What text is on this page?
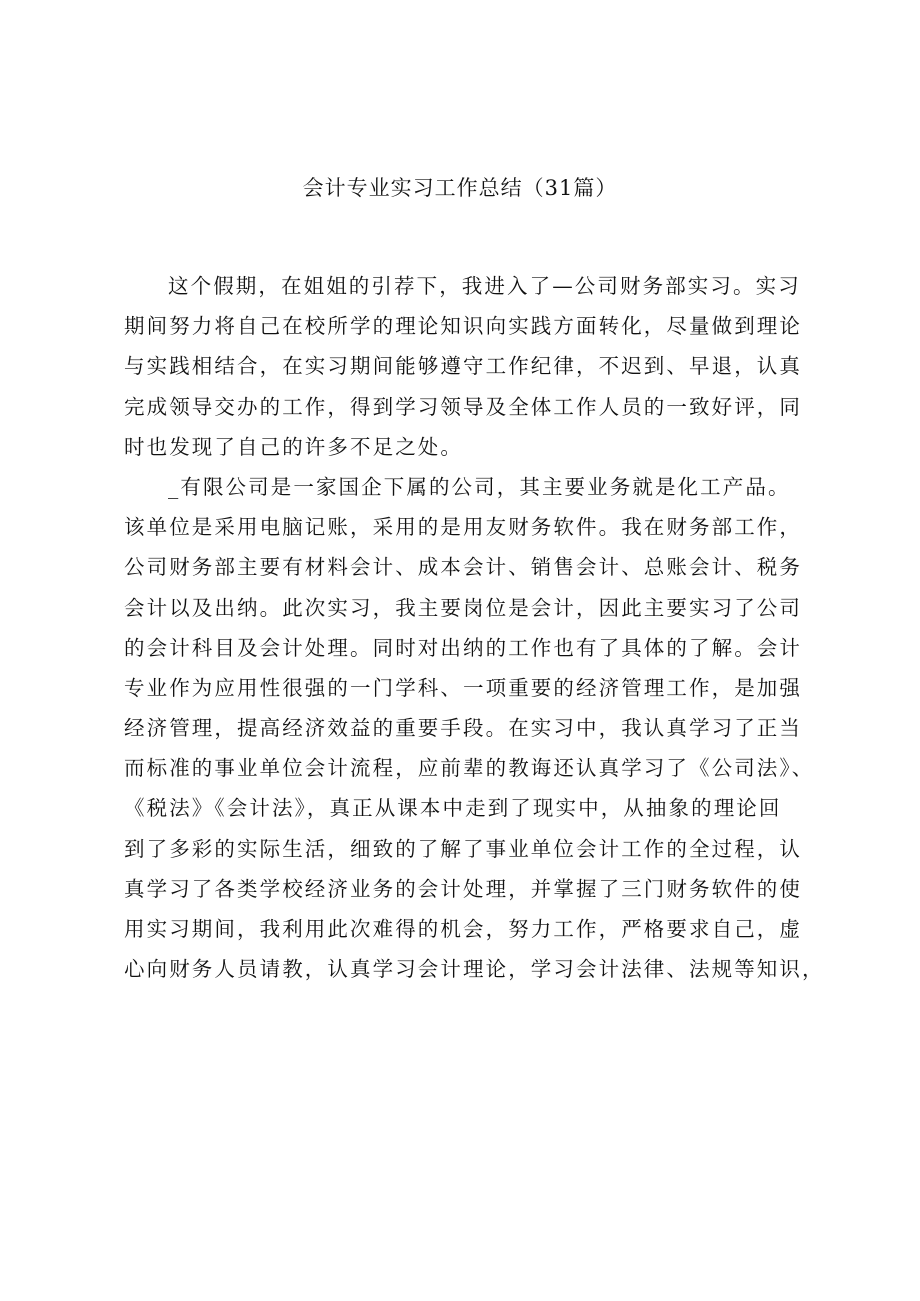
会计专业实习工作总结（31篇）

这个假期，在姐姐的引荐下，我进入了—公司财务部实习。实习
期间努力将自己在校所学的理论知识向实践方面转化，尽量做到理论
与实践相结合，在实习期间能够遵守工作纪律，不迟到、早退，认真
完成领导交办的工作，得到学习领导及全体工作人员的一致好评，同
时也发现了自己的许多不足之处。

_有限公司是一家国企下属的公司，其主要业务就是化工产品。
该单位是采用电脑记账，采用的是用友财务软件。我在财务部工作，
公司财务部主要有材料会计、成本会计、销售会计、总账会计、税务
会计以及出纳。此次实习，我主要岗位是会计，因此主要实习了公司
的会计科目及会计处理。同时对出纳的工作也有了具体的了解。会计
专业作为应用性很强的一门学科、一项重要的经济管理工作，是加强
经济管理，提高经济效益的重要手段。在实习中，我认真学习了正当
而标准的事业单位会计流程，应前辈的教诲还认真学习了《公司法》、
《税法》《会计法》，真正从课本中走到了现实中，从抽象的理论回
到了多彩的实际生活，细致的了解了事业单位会计工作的全过程，认
真学习了各类学校经济业务的会计处理，并掌握了三门财务软件的使
用实习期间，我利用此次难得的机会，努力工作，严格要求自己，虚
心向财务人员请教，认真学习会计理论，学习会计法律、法规等知识，
